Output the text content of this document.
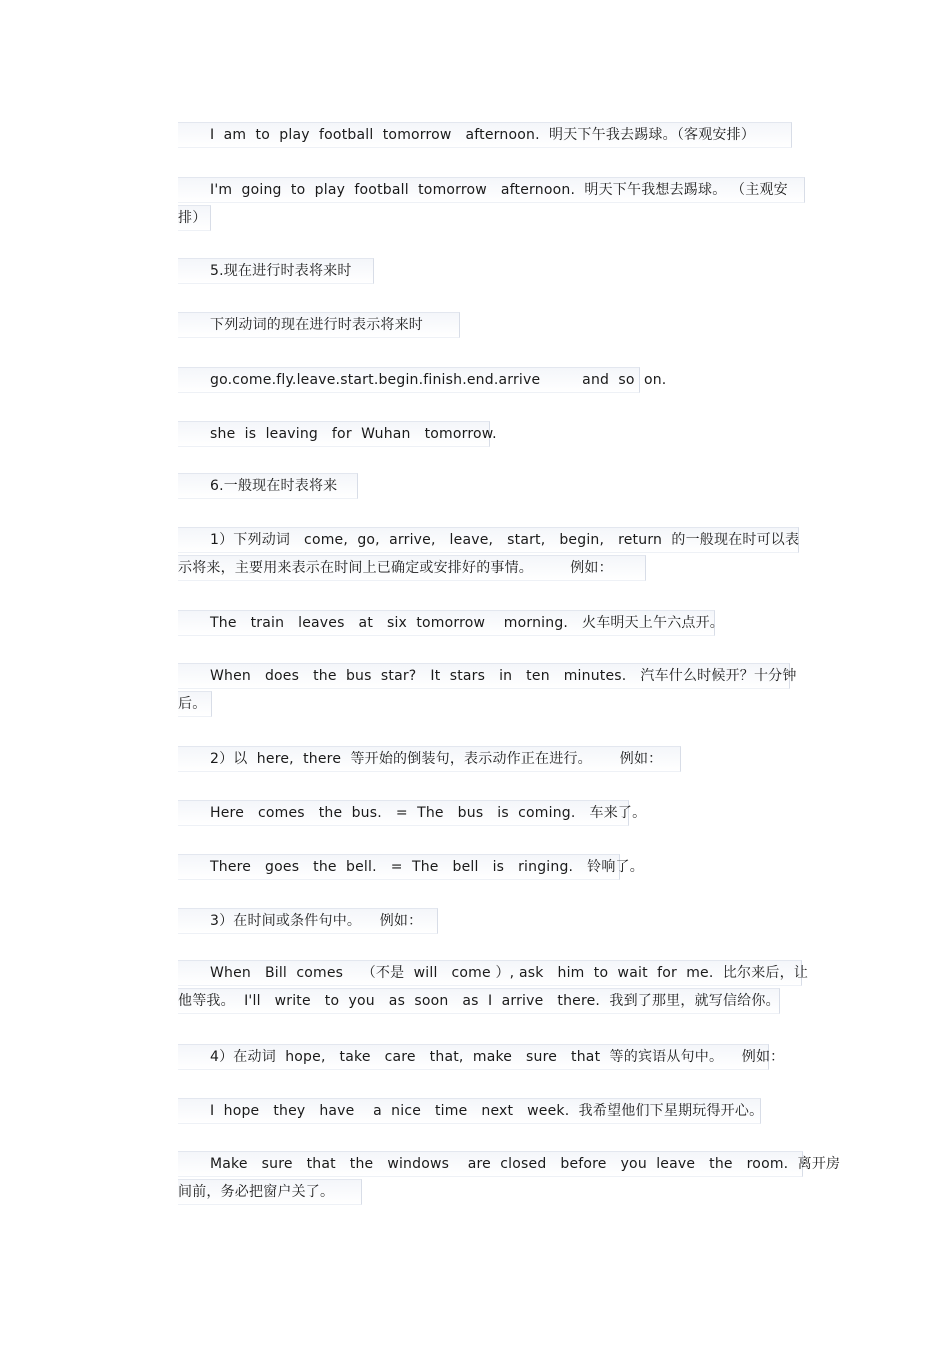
I  am  to  play  football  tomorrow   afternoon.  明天下午我去踢球。（客观安排）
I'm  going  to  play  football  tomorrow   afternoon.  明天下午我想去踢球。 （主观安
排）
5.现在进行时表将来时
下列动词的现在进行时表示将来时
go.come.fly.leave.start.begin.finish.end.arrive         and  so  on.
she  is  leaving   for  Wuhan   tomorrow.
6.一般现在时表将来
1）下列动词   come,  go,  arrive,   leave,   start,   begin,   return  的一般现在时可以表
示将来，主要用来表示在时间上已确定或安排好的事情。        例如：
The   train   leaves   at   six  tomorrow    morning.   火车明天上午六点开。
When   does   the  bus  star?   It  stars   in   ten   minutes.   汽车什么时候开？十分钟
后。
2）以  here,  there  等开始的倒装句，表示动作正在进行。      例如：
Here   comes   the  bus.   =  The   bus   is  coming.   车来了。
There   goes   the  bell.   =  The   bell   is   ringing.   铃响了。
3）在时间或条件句中。    例如：
When   Bill  comes    （不是  will   come ）, ask   him  to  wait  for  me.  比尔来后，让
他等我。  I'll   write   to  you   as  soon   as  I  arrive   there.  我到了那里，就写信给你。
4）在动词  hope,   take   care   that,  make   sure   that  等的宾语从句中。    例如：
I  hope   they   have    a  nice   time   next   week.  我希望他们下星期玩得开心。
Make   sure   that   the   windows    are  closed   before   you  leave   the   room.  离开房
间前，务必把窗户关了。
